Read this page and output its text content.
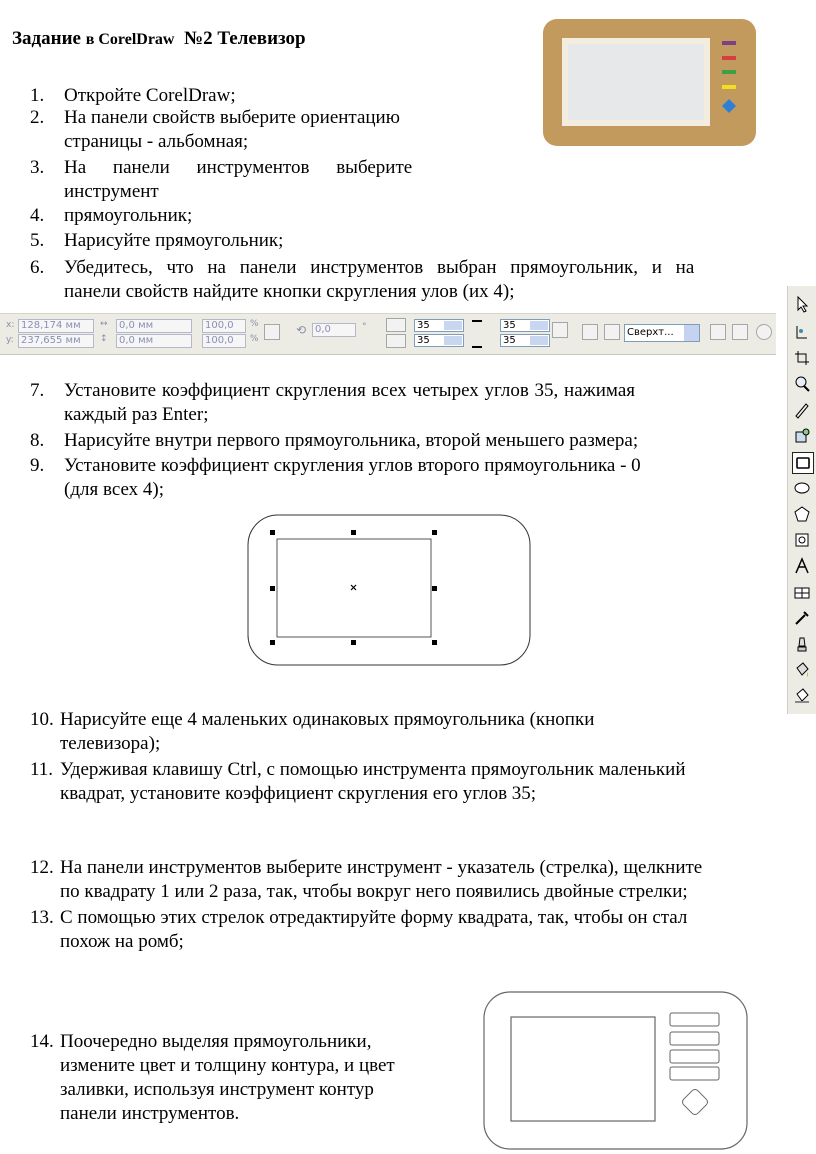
Задание в CorelDraw №2 Телевизор
1. Откройте CorelDraw;
2. На панели свойств выберите ориентацию
страницы - альбомная;
3. На панели инструментов выберите
инструмент
4. прямоугольник;
5. Нарисуйте прямоугольник;
6. Убедитесь, что на панели инструментов выбран прямоугольник, и на
панели свойств найдите кнопки скругления улов (их 4);
x:
y:
128,174 мм
237,655 мм
↔
↕
0,0 мм
0,0 мм
100,0
100,0
%
%
⟲ 0,0	°	35
35
35
35
Сверхт...
7. Установите коэффициент скругления всех четырех углов 35, нажимая
каждый раз Enter;
8. Нарисуйте внутри первого прямоугольника, второй меньшего размера;
9. Установите коэффициент скругления углов второго прямоугольника - 0
(для всех 4);
10. Нарисуйте еще 4 маленьких одинаковых прямоугольника (кнопки
телевизора);
11. Удерживая клавишу Ctrl, с помощью инструмента прямоугольник маленький
квадрат, установите коэффициент скругления его углов 35;
12. На панели инструментов выберите инструмент - указатель (стрелка), щелкните
по квадрату 1 или 2 раза, так, чтобы вокруг него появились двойные стрелки;
13. С помощью этих стрелок отредактируйте форму квадрата, так, чтобы он стал
похож на ромб;
14. Поочередно выделяя прямоугольники,
измените цвет и толщину контура, и цвет
заливки, используя инструмент контур
панели инструментов.
